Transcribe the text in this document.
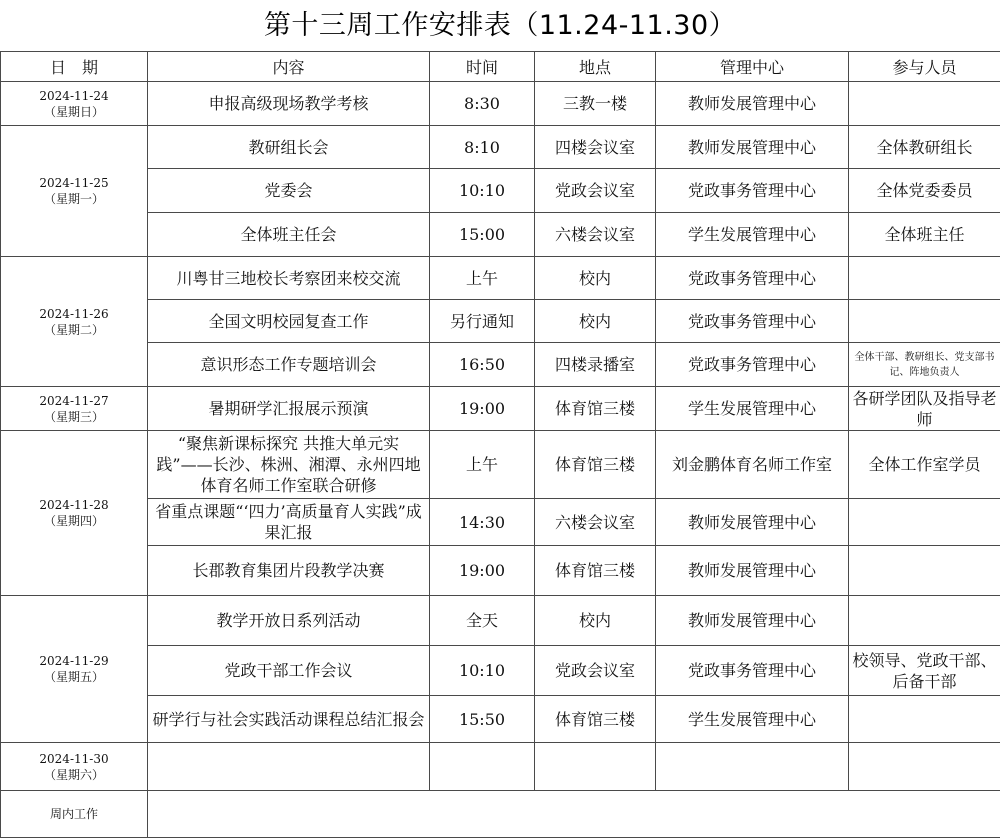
第十三周工作安排表（11.24-11.30）
日　期	内容	时间	地点	管理中心	参与人员

2024-11-24
（星期日）	申报高级现场教学考核	8:30	三教一楼	教师发展管理中心	

2024-11-25
（星期一）	教研组长会	8:10	四楼会议室	教师发展管理中心	全体教研组长
	党委会	10:10	党政会议室	党政事务管理中心	全体党委委员
	全体班主任会	15:00	六楼会议室	学生发展管理中心	全体班主任

2024-11-26
（星期二）	川粤甘三地校长考察团来校交流	上午	校内	党政事务管理中心	
	全国文明校园复查工作	另行通知	校内	党政事务管理中心	
	意识形态工作专题培训会	16:50	四楼录播室	党政事务管理中心	全体干部、教研组长、党支部书记、阵地负责人

2024-11-27
（星期三）	暑期研学汇报展示预演	19:00	体育馆三楼	学生发展管理中心	各研学团队及指导老师

2024-11-28
（星期四）	“聚焦新课标探究 共推大单元实践”——长沙、株洲、湘潭、永州四地体育名师工作室联合研修	上午	体育馆三楼	刘金鹏体育名师工作室	全体工作室学员
	省重点课题“‘四力’高质量育人实践”成果汇报	14:30	六楼会议室	教师发展管理中心	
	长郡教育集团片段教学决赛	19:00	体育馆三楼	教师发展管理中心	

2024-11-29
（星期五）	教学开放日系列活动	全天	校内	教师发展管理中心	
	党政干部工作会议	10:10	党政会议室	党政事务管理中心	校领导、党政干部、后备干部
	研学行与社会实践活动课程总结汇报会	15:50	体育馆三楼	学生发展管理中心	

2024-11-30
（星期六）					

周内工作					
